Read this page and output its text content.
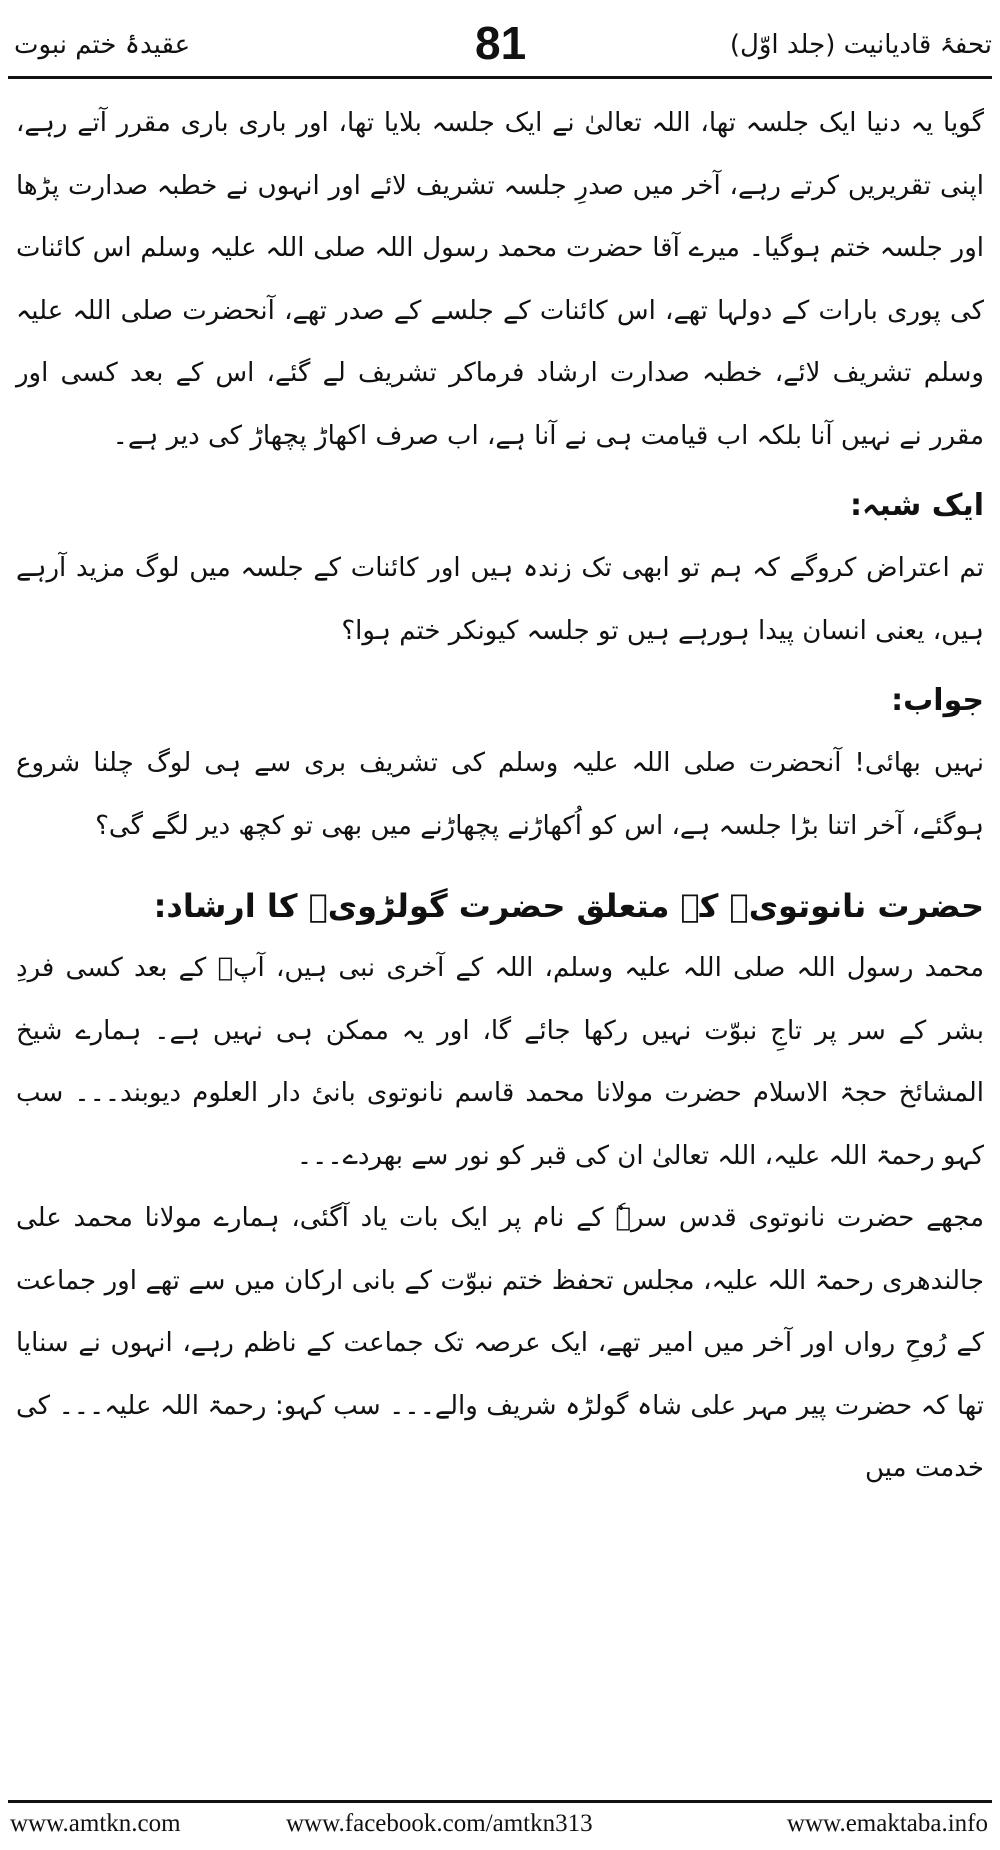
تحفۂ قادیانیت (جلد اوّل)
81
عقیدۂ ختم نبوت

گویا یہ دنیا ایک جلسہ تھا، اللہ تعالیٰ نے ایک جلسہ بلایا تھا، اور باری باری مقرر آتے رہے، اپنی تقریریں کرتے رہے، آخر میں صدرِ جلسہ تشریف لائے اور انہوں نے خطبہ صدارت پڑھا اور جلسہ ختم ہوگیا۔ میرے آقا حضرت محمد رسول اللہ صلی اللہ علیہ وسلم اس کائنات کی پوری بارات کے دولہا تھے، اس کائنات کے جلسے کے صدر تھے، آنحضرت صلی اللہ علیہ وسلم تشریف لائے، خطبہ صدارت ارشاد فرماکر تشریف لے گئے، اس کے بعد کسی اور مقرر نے نہیں آنا بلکہ اب قیامت ہی نے آنا ہے، اب صرف اکھاڑ پچھاڑ کی دیر ہے۔

ایک شبہ:

تم اعتراض کروگے کہ ہم تو ابھی تک زندہ ہیں اور کائنات کے جلسہ میں لوگ مزید آرہے ہیں، یعنی انسان پیدا ہورہے ہیں تو جلسہ کیونکر ختم ہوا؟

جواب:

نہیں بھائی! آنحضرت صلی اللہ علیہ وسلم کی تشریف بری سے ہی لوگ چلنا شروع ہوگئے، آخر اتنا بڑا جلسہ ہے، اس کو اُکھاڑنے پچھاڑنے میں بھی تو کچھ دیر لگے گی؟

حضرت نانوتویؒ کے متعلق حضرت گولڑویؒ کا ارشاد:

محمد رسول اللہ صلی اللہ علیہ وسلم، اللہ کے آخری نبی ہیں، آپؐ کے بعد کسی فردِ بشر کے سر پر تاجِ نبوّت نہیں رکھا جائے گا، اور یہ ممکن ہی نہیں ہے۔ ہمارے شیخ المشائخ حجۃ الاسلام حضرت مولانا محمد قاسم نانوتوی بانیٔ دار العلوم دیوبند۔۔۔ سب کہو رحمۃ اللہ علیہ، اللہ تعالیٰ ان کی قبر کو نور سے بھردے۔۔۔

مجھے حضرت نانوتوی قدس سرہٗ کے نام پر ایک بات یاد آگئی، ہمارے مولانا محمد علی جالندھری رحمۃ اللہ علیہ، مجلس تحفظ ختم نبوّت کے بانی ارکان میں سے تھے اور جماعت کے رُوحِ رواں اور آخر میں امیر تھے، ایک عرصہ تک جماعت کے ناظم رہے، انہوں نے سنایا تھا کہ حضرت پیر مہر علی شاہ گولڑہ شریف والے۔۔۔ سب کہو: رحمۃ اللہ علیہ۔۔۔ کی خدمت میں

www.amtkn.com	www.facebook.com/amtkn313	www.emaktaba.info
